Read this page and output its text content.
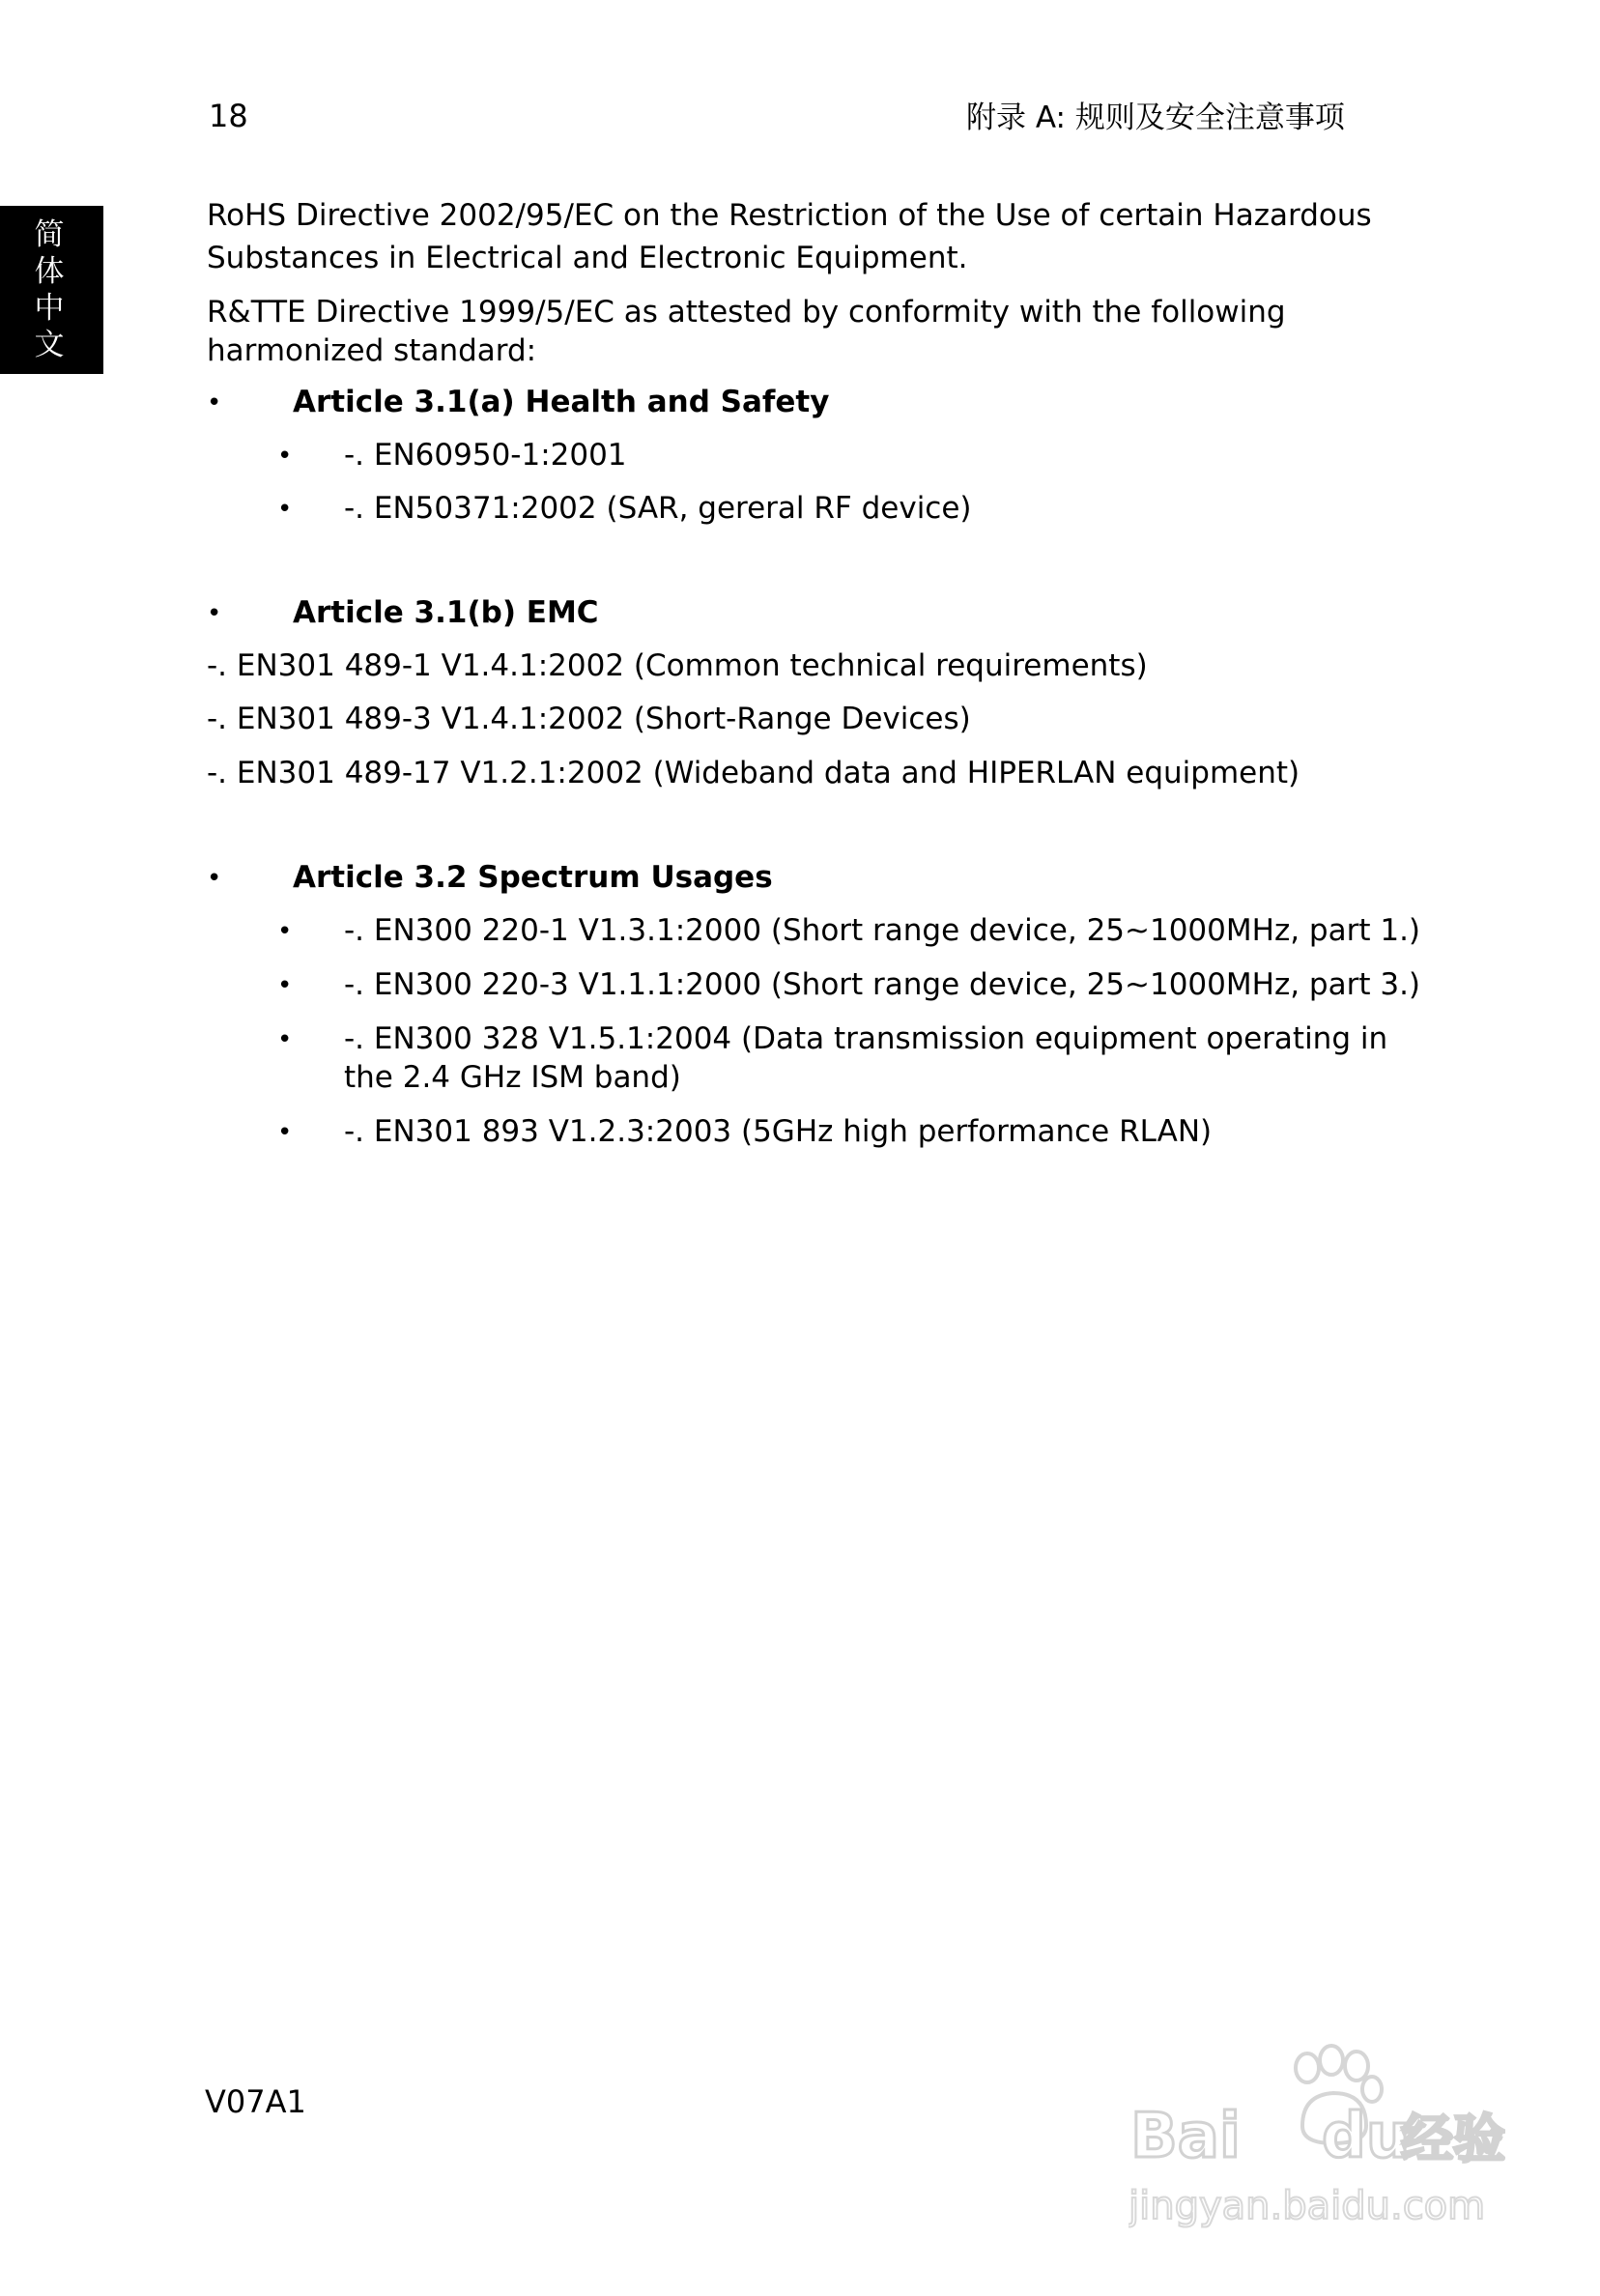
18	附录 A: 规则及安全注意事项
简
体
中
文
RoHS Directive 2002/95/EC on the Restriction of the Use of certain Hazardous
Substances in Electrical and Electronic Equipment.
R&TTE Directive 1999/5/EC as attested by conformity with the following
harmonized standard:
• Article 3.1(a) Health and Safety
• -. EN60950-1:2001
• -. EN50371:2002 (SAR, gereral RF device)
• Article 3.1(b) EMC
-. EN301 489-1 V1.4.1:2002 (Common technical requirements)
-. EN301 489-3 V1.4.1:2002 (Short-Range Devices)
-. EN301 489-17 V1.2.1:2002 (Wideband data and HIPERLAN equipment)
• Article 3.2 Spectrum Usages
• -. EN300 220-1 V1.3.1:2000 (Short range device, 25~1000MHz, part 1.)
• -. EN300 220-3 V1.1.1:2000 (Short range device, 25~1000MHz, part 3.)
• -. EN300 328 V1.5.1:2004 (Data transmission equipment operating in
the 2.4 GHz ISM band)
• -. EN301 893 V1.2.3:2003 (5GHz high performance RLAN)
V07A1	Bai du
经验
jingyan.baidu.com
